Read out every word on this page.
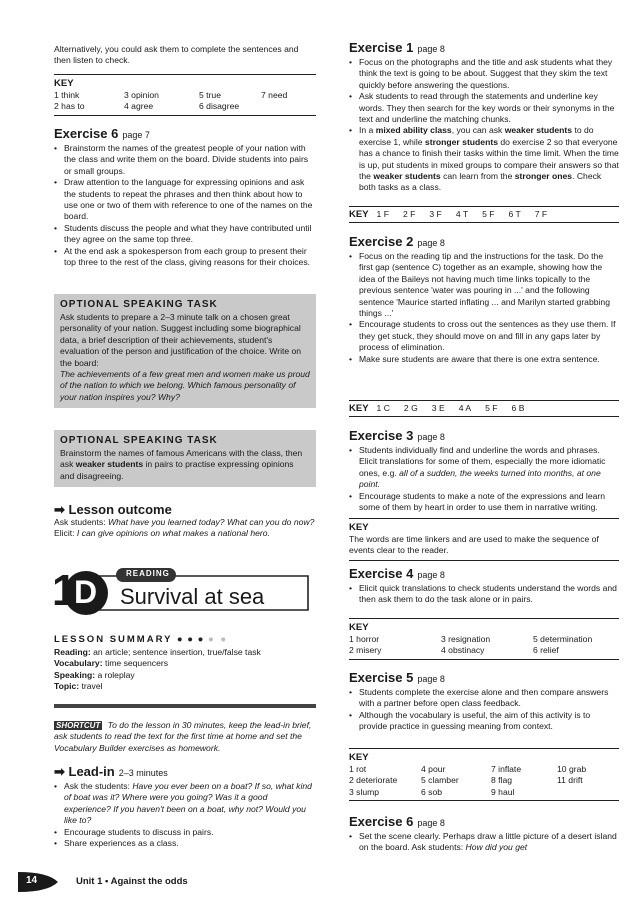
Alternatively, you could ask them to complete the sentences and then listen to check.

KEY
1 think	3 opinion	5 true	7 need
2 has to	4 agree	6 disagree	

Exercise 6 page 7

• Brainstorm the names of the greatest people of your nation with the class and write them on the board. Divide students into pairs or small groups.
• Draw attention to the language for expressing opinions and ask the students to repeat the phrases and then think about how to use one or two of them with reference to one of the names on the board.
• Students discuss the people and what they have contributed until they agree on the same top three.
• At the end ask a spokesperson from each group to present their top three to the rest of the class, giving reasons for their choices.

OPTIONAL SPEAKING TASK

Ask students to prepare a 2–3 minute talk on a chosen great personality of your nation. Suggest including some biographical data, a brief description of their achievements, student's evaluation of the person and justification of the choice. Write on the board:

The achievements of a few great men and women make us proud of the nation to which we belong. Which famous personality of your nation inspires you? Why?

OPTIONAL SPEAKING TASK

Brainstorm the names of famous Americans with the class, then ask weaker students in pairs to practise expressing opinions and disagreeing.

➡ Lesson outcome

Ask students: What have you learned today? What can you do now? Elicit: I can give opinions on what makes a national hero.

1
D
READING
Survival at sea

LESSON SUMMARY ● ● ● ● ●

Reading: an article; sentence insertion, true/false task

Vocabulary: time sequencers

Speaking: a roleplay

Topic: travel

SHORTCUT To do the lesson in 30 minutes, keep the lead-in brief, ask students to read the text for the first time at home and set the Vocabulary Builder exercises as homework.

➡ Lead-in 2–3 minutes

• Ask the students: Have you ever been on a boat? If so, what kind of boat was it? Where were you going? Was it a good experience? If you haven't been on a boat, why not? Would you like to?
• Encourage students to discuss in pairs.
• Share experiences as a class.
14	Unit 1 • Against the odds

Exercise 1 page 8

• Focus on the photographs and the title and ask students what they think the text is going to be about. Suggest that they skim the text quickly before answering the questions.
• Ask students to read through the statements and underline key words. They then search for the key words or their synonyms in the text and underline the matching chunks.
• In a mixed ability class, you can ask weaker students to do exercise 1, while stronger students do exercise 2 so that everyone has a chance to finish their tasks within the time limit. When the time is up, put students in mixed groups to compare their answers so that the weaker students can learn from the stronger ones. Check both tasks as a class.
KEY 1 F 2 F 3 F 4 T 5 F 6 T 7 F

Exercise 2 page 8

• Focus on the reading tip and the instructions for the task. Do the first gap (sentence C) together as an example, showing how the idea of the Baileys not having much time links topically to the previous sentence 'water was pouring in ...' and the following sentence 'Maurice started inflating ... and Marilyn started grabbing things ...'
• Encourage students to cross out the sentences as they use them. If they get stuck, they should move on and fill in any gaps later by process of elimination.
• Make sure students are aware that there is one extra sentence.
KEY 1 C 2 G 3 E 4 A 5 F 6 B

Exercise 3 page 8

• Students individually find and underline the words and phrases. Elicit translations for some of them, especially the more idiomatic ones, e.g. all of a sudden, the weeks turned into months, at one point.
• Encourage students to make a note of the expressions and learn some of them by heart in order to use them in narrative writing.
KEY

The words are time linkers and are used to make the sequence of events clear to the reader.

Exercise 4 page 8

• Elicit quick translations to check students understand the words and then ask them to do the task alone or in pairs.
KEY
1 horror	3 resignation	5 determination
2 misery	4 obstinacy	6 relief

Exercise 5 page 8

• Students complete the exercise alone and then compare answers with a partner before open class feedback.
• Although the vocabulary is useful, the aim of this activity is to provide practice in guessing meaning from context.
KEY
1 rot	4 pour	7 inflate	10 grab
2 deteriorate	5 clamber	8 flag	11 drift
3 slump	6 sob	9 haul	

Exercise 6 page 8

• Set the scene clearly. Perhaps draw a little picture of a desert island on the board. Ask students: How did you get
